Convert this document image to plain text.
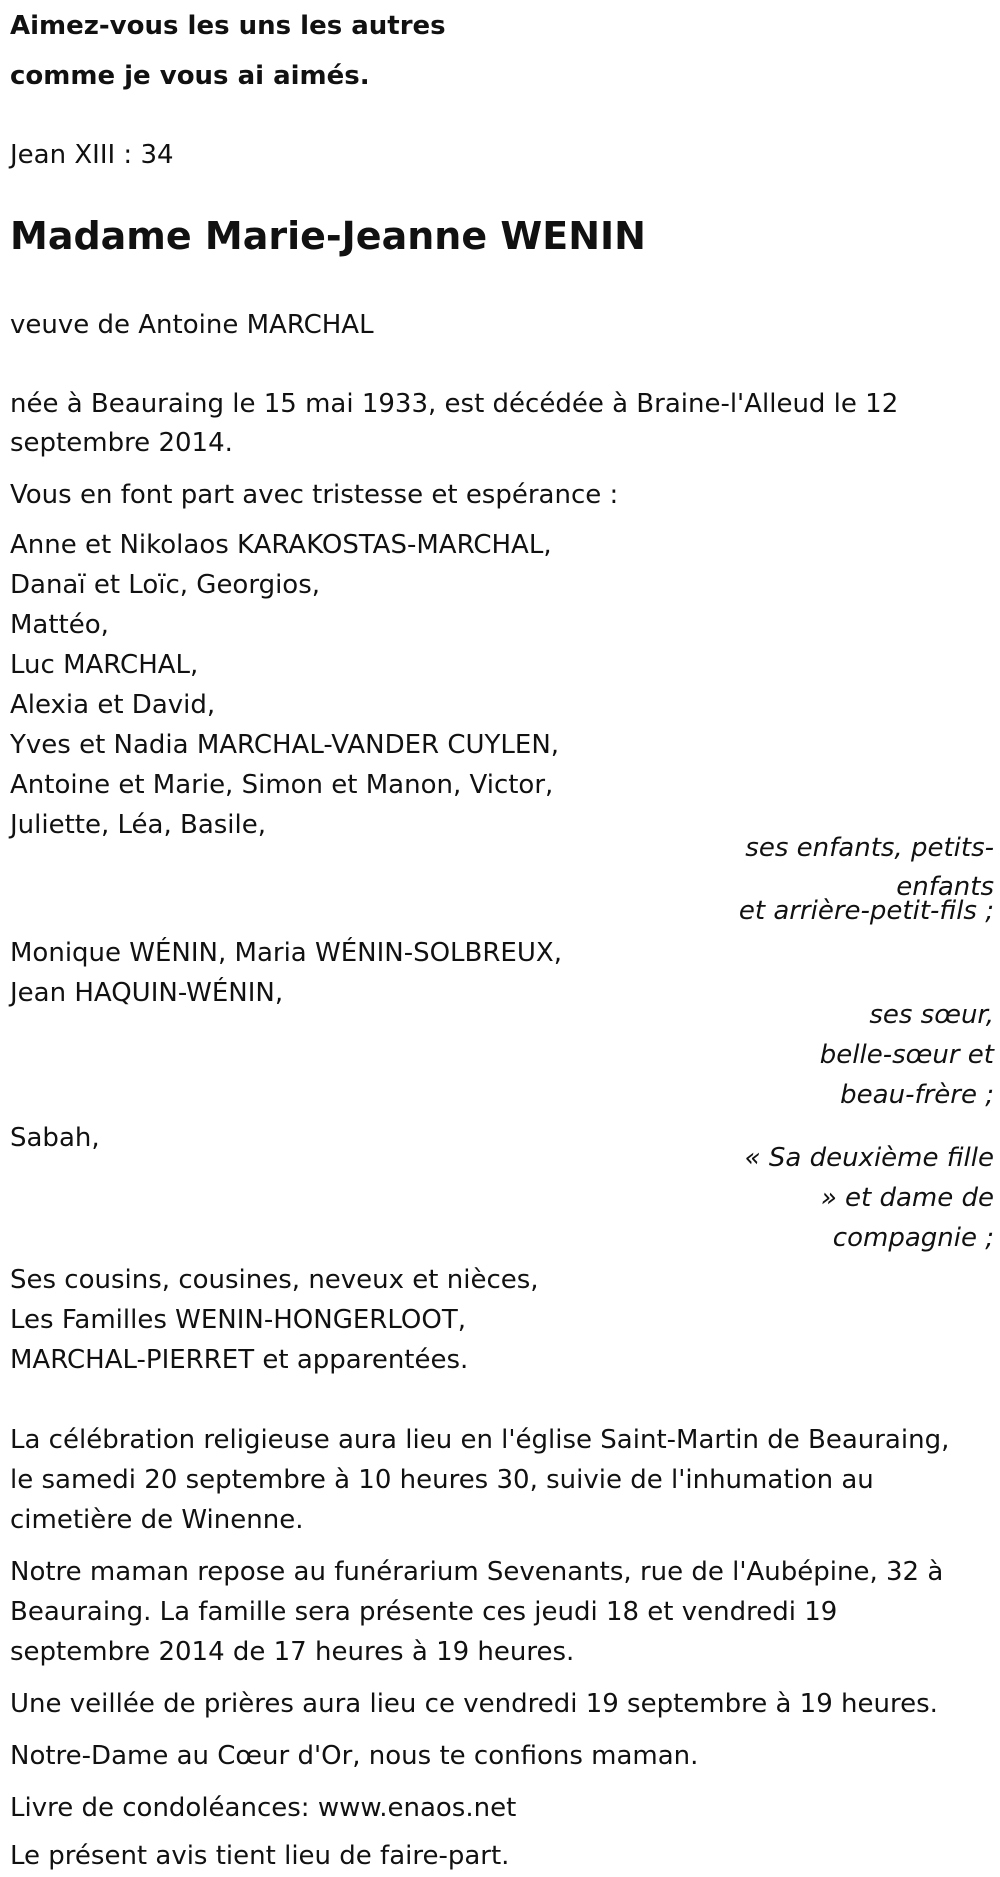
Aimez-vous les uns les autres

comme je vous ai aimés.

Jean XIII : 34

Madame Marie-Jeanne WENIN

veuve de Antoine MARCHAL

née à Beauraing le 15 mai 1933, est décédée à Braine-l'Alleud le 12

septembre 2014.

Vous en font part avec tristesse et espérance :

Anne et Nikolaos KARAKOSTAS-MARCHAL,

Danaï et Loïc, Georgios,

Mattéo,

Luc MARCHAL,

Alexia et David,

Yves et Nadia MARCHAL-VANDER CUYLEN,

Antoine et Marie, Simon et Manon, Victor,

Juliette, Léa, Basile,

ses enfants, petits-

enfants

et arrière-petit-fils ;

Monique WÉNIN, Maria WÉNIN-SOLBREUX,

Jean HAQUIN-WÉNIN,

ses sœur,

belle-sœur et

beau-frère ;

Sabah,

« Sa deuxième fille

» et dame de

compagnie ;

Ses cousins, cousines, neveux et nièces,

Les Familles WENIN-HONGERLOOT,

MARCHAL-PIERRET et apparentées.

La célébration religieuse aura lieu en l'église Saint-Martin de Beauraing,

le samedi 20 septembre à 10 heures 30, suivie de l'inhumation au

cimetière de Winenne.

Notre maman repose au funérarium Sevenants, rue de l'Aubépine, 32 à

Beauraing. La famille sera présente ces jeudi 18 et vendredi 19

septembre 2014 de 17 heures à 19 heures.

Une veillée de prières aura lieu ce vendredi 19 septembre à 19 heures.

Notre-Dame au Cœur d'Or, nous te confions maman.

Livre de condoléances: www.enaos.net

Le présent avis tient lieu de faire-part.
